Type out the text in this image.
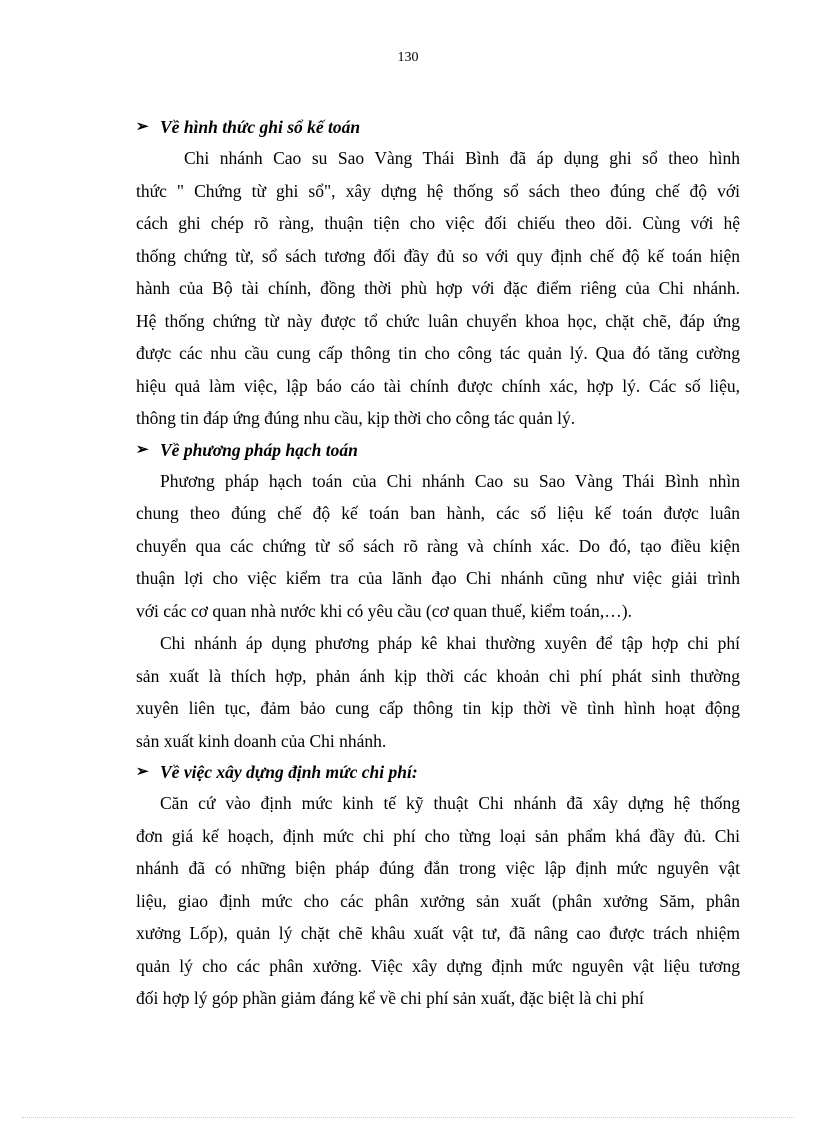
130
➢ Về hình thức ghi sổ kế toán
Chi nhánh Cao su Sao Vàng Thái Bình đã áp dụng ghi sổ theo hình
thức " Chứng từ ghi sổ", xây dựng hệ thống sổ sách theo đúng chế độ với
cách ghi chép rõ ràng, thuận tiện cho việc đối chiếu theo dõi. Cùng với hệ
thống chứng từ, sổ sách tương đối đầy đủ so với quy định chế độ kế toán hiện
hành của Bộ tài chính, đồng thời phù hợp với đặc điểm riêng của Chi nhánh.
Hệ thống chứng từ này được tổ chức luân chuyển khoa học, chặt chẽ, đáp ứng
được các nhu cầu cung cấp thông tin cho công tác quản lý. Qua đó tăng cường
hiệu quả làm việc, lập báo cáo tài chính được chính xác, hợp lý. Các số liệu,
thông tin đáp ứng đúng nhu cầu, kịp thời cho công tác quản lý.
➢ Về phương pháp hạch toán
Phương pháp hạch toán của Chi nhánh Cao su Sao Vàng Thái Bình nhìn
chung theo đúng chế độ kế toán ban hành, các số liệu kế toán được luân
chuyển qua các chứng từ sổ sách rõ ràng và chính xác. Do đó, tạo điều kiện
thuận lợi cho việc kiểm tra của lãnh đạo Chi nhánh cũng như việc giải trình
với các cơ quan nhà nước khi có yêu cầu (cơ quan thuế, kiểm toán,…).
Chi nhánh áp dụng phương pháp kê khai thường xuyên để tập hợp chi phí
sản xuất là thích hợp, phản ánh kịp thời các khoản chi phí phát sinh thường
xuyên liên tục, đảm bảo cung cấp thông tin kịp thời về tình hình hoạt động
sản xuất kinh doanh của Chi nhánh.
➢ Về việc xây dựng định mức chi phí:
Căn cứ vào định mức kinh tế kỹ thuật Chi nhánh đã xây dựng hệ thống
đơn giá kế hoạch, định mức chi phí cho từng loại sản phẩm khá đầy đủ. Chi
nhánh đã có những biện pháp đúng đắn trong việc lập định mức nguyên vật
liệu, giao định mức cho các phân xưởng sản xuất (phân xưởng Săm, phân
xưởng Lốp), quản lý chặt chẽ khâu xuất vật tư, đã nâng cao được trách nhiệm
quản lý cho các phân xưởng. Việc xây dựng định mức nguyên vật liệu tương
đối hợp lý góp phần giảm đáng kể về chi phí sản xuất, đặc biệt là chi phí
